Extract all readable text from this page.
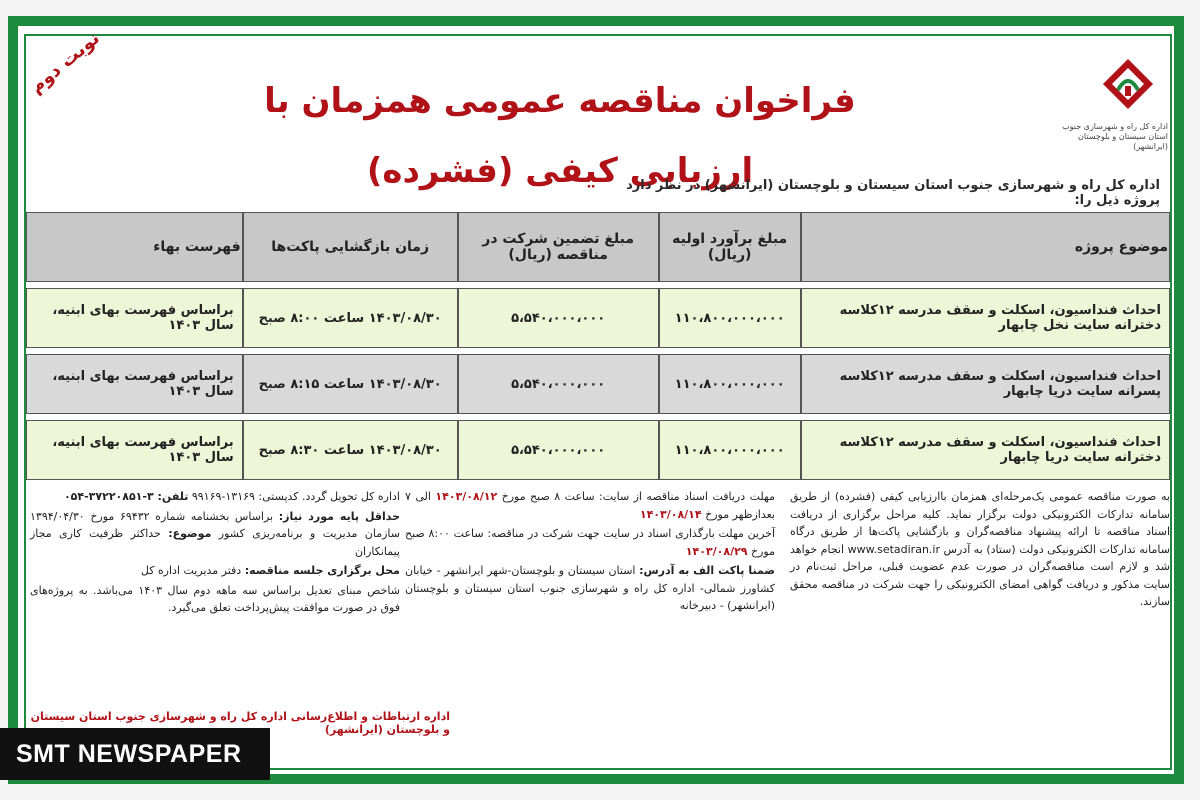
نوبت دوم
فراخوان مناقصه عمومی همزمان با ارزیابی کیفی (فشرده)
اداره کل راه و شهرسازی جنوب
استان سیستان و بلوچستان (ایرانشهر)
اداره کل راه و شهرسازی جنوب استان سیستان و بلوچستان (ایرانشهر) در نظر دارد پروژه ذیل را:
موضوع پروژه	مبلغ برآورد اولیه (ریال)	مبلغ تضمین شرکت در مناقصه (ریال)	زمان بازگشایی پاکت‌ها	فهرست بهاء

احداث فنداسیون، اسکلت و سقف مدرسه ۱۲کلاسه دخترانه سایت نخل چابهار	۱۱۰،۸۰۰،۰۰۰،۰۰۰	۵،۵۴۰،۰۰۰،۰۰۰	۱۴۰۳/۰۸/۳۰ ساعت ۸:۰۰ صبح	براساس فهرست بهای ابنیه، سال ۱۴۰۳

احداث فنداسیون، اسکلت و سقف مدرسه ۱۲کلاسه پسرانه سایت دریا چابهار	۱۱۰،۸۰۰،۰۰۰،۰۰۰	۵،۵۴۰،۰۰۰،۰۰۰	۱۴۰۳/۰۸/۳۰ ساعت ۸:۱۵ صبح	براساس فهرست بهای ابنیه، سال ۱۴۰۳

احداث فنداسیون، اسکلت و سقف مدرسه ۱۲کلاسه دخترانه سایت دریا چابهار	۱۱۰،۸۰۰،۰۰۰،۰۰۰	۵،۵۴۰،۰۰۰،۰۰۰	۱۴۰۳/۰۸/۳۰ ساعت ۸:۳۰ صبح	براساس فهرست بهای ابنیه، سال ۱۴۰۳

به صورت مناقصه عمومی یک‌مرحله‌ای همزمان باارزیابی کیفی (فشرده) از طریق سامانه تدارکات الکترونیکی دولت برگزار نماید. کلیه مراحل برگزاری از دریافت اسناد مناقصه تا ارائه پیشنهاد مناقصه‌گران و بازگشایی پاکت‌ها از طریق درگاه سامانه تدارکات الکترونیکی دولت (ستاد) به آدرس www.setadiran.ir انجام خواهد شد و لازم است مناقصه‌گران در صورت عدم عضویت قبلی، مراحل ثبت‌نام در سایت مذکور و دریافت گواهی امضای الکترونیکی را جهت شرکت در مناقصه محقق سازند.

مهلت دریافت اسناد مناقصه از سایت: ساعت ۸ صبح مورخ ۱۴۰۳/۰۸/۱۲ الی ۷ بعدازظهر مورخ ۱۴۰۳/۰۸/۱۴

آخرین مهلت بارگذاری اسناد در سایت جهت شرکت در مناقصه: ساعت ۸:۰۰ صبح مورخ ۱۴۰۳/۰۸/۲۹

ضمنا پاکت الف به آدرس: استان سیستان و بلوچستان-شهر ایرانشهر - خیابان کشاورز شمالی- اداره کل راه و شهرسازی جنوب استان سیستان و بلوچستان (ایرانشهر) - دبیرخانه

اداره کل تحویل گردد. کدپستی: ۱۳۱۶۹-۹۹۱۶۹ تلفن: ۳-۳۷۲۲۰۸۵۱-۰۵۴

حداقل پایه مورد نیاز: براساس بخشنامه شماره ۶۹۴۳۲ مورخ ۱۳۹۴/۰۴/۳۰ سازمان مدیریت و برنامه‌ریزی کشور موضوع: حداکثر ظرفیت کاری مجاز پیمانکاران

محل برگزاری جلسه مناقصه: دفتر مدیریت اداره کل

شاخص مبنای تعدیل براساس سه ماهه دوم سال ۱۴۰۳ می‌باشد. به پروژه‌های فوق در صورت موافقت پیش‌پرداخت تعلق می‌گیرد.

اداره ارتباطات و اطلاع‌رسانی اداره کل راه و شهرسازی جنوب استان سیستان و بلوچستان (ایرانشهر)
SMT NEWSPAPER
